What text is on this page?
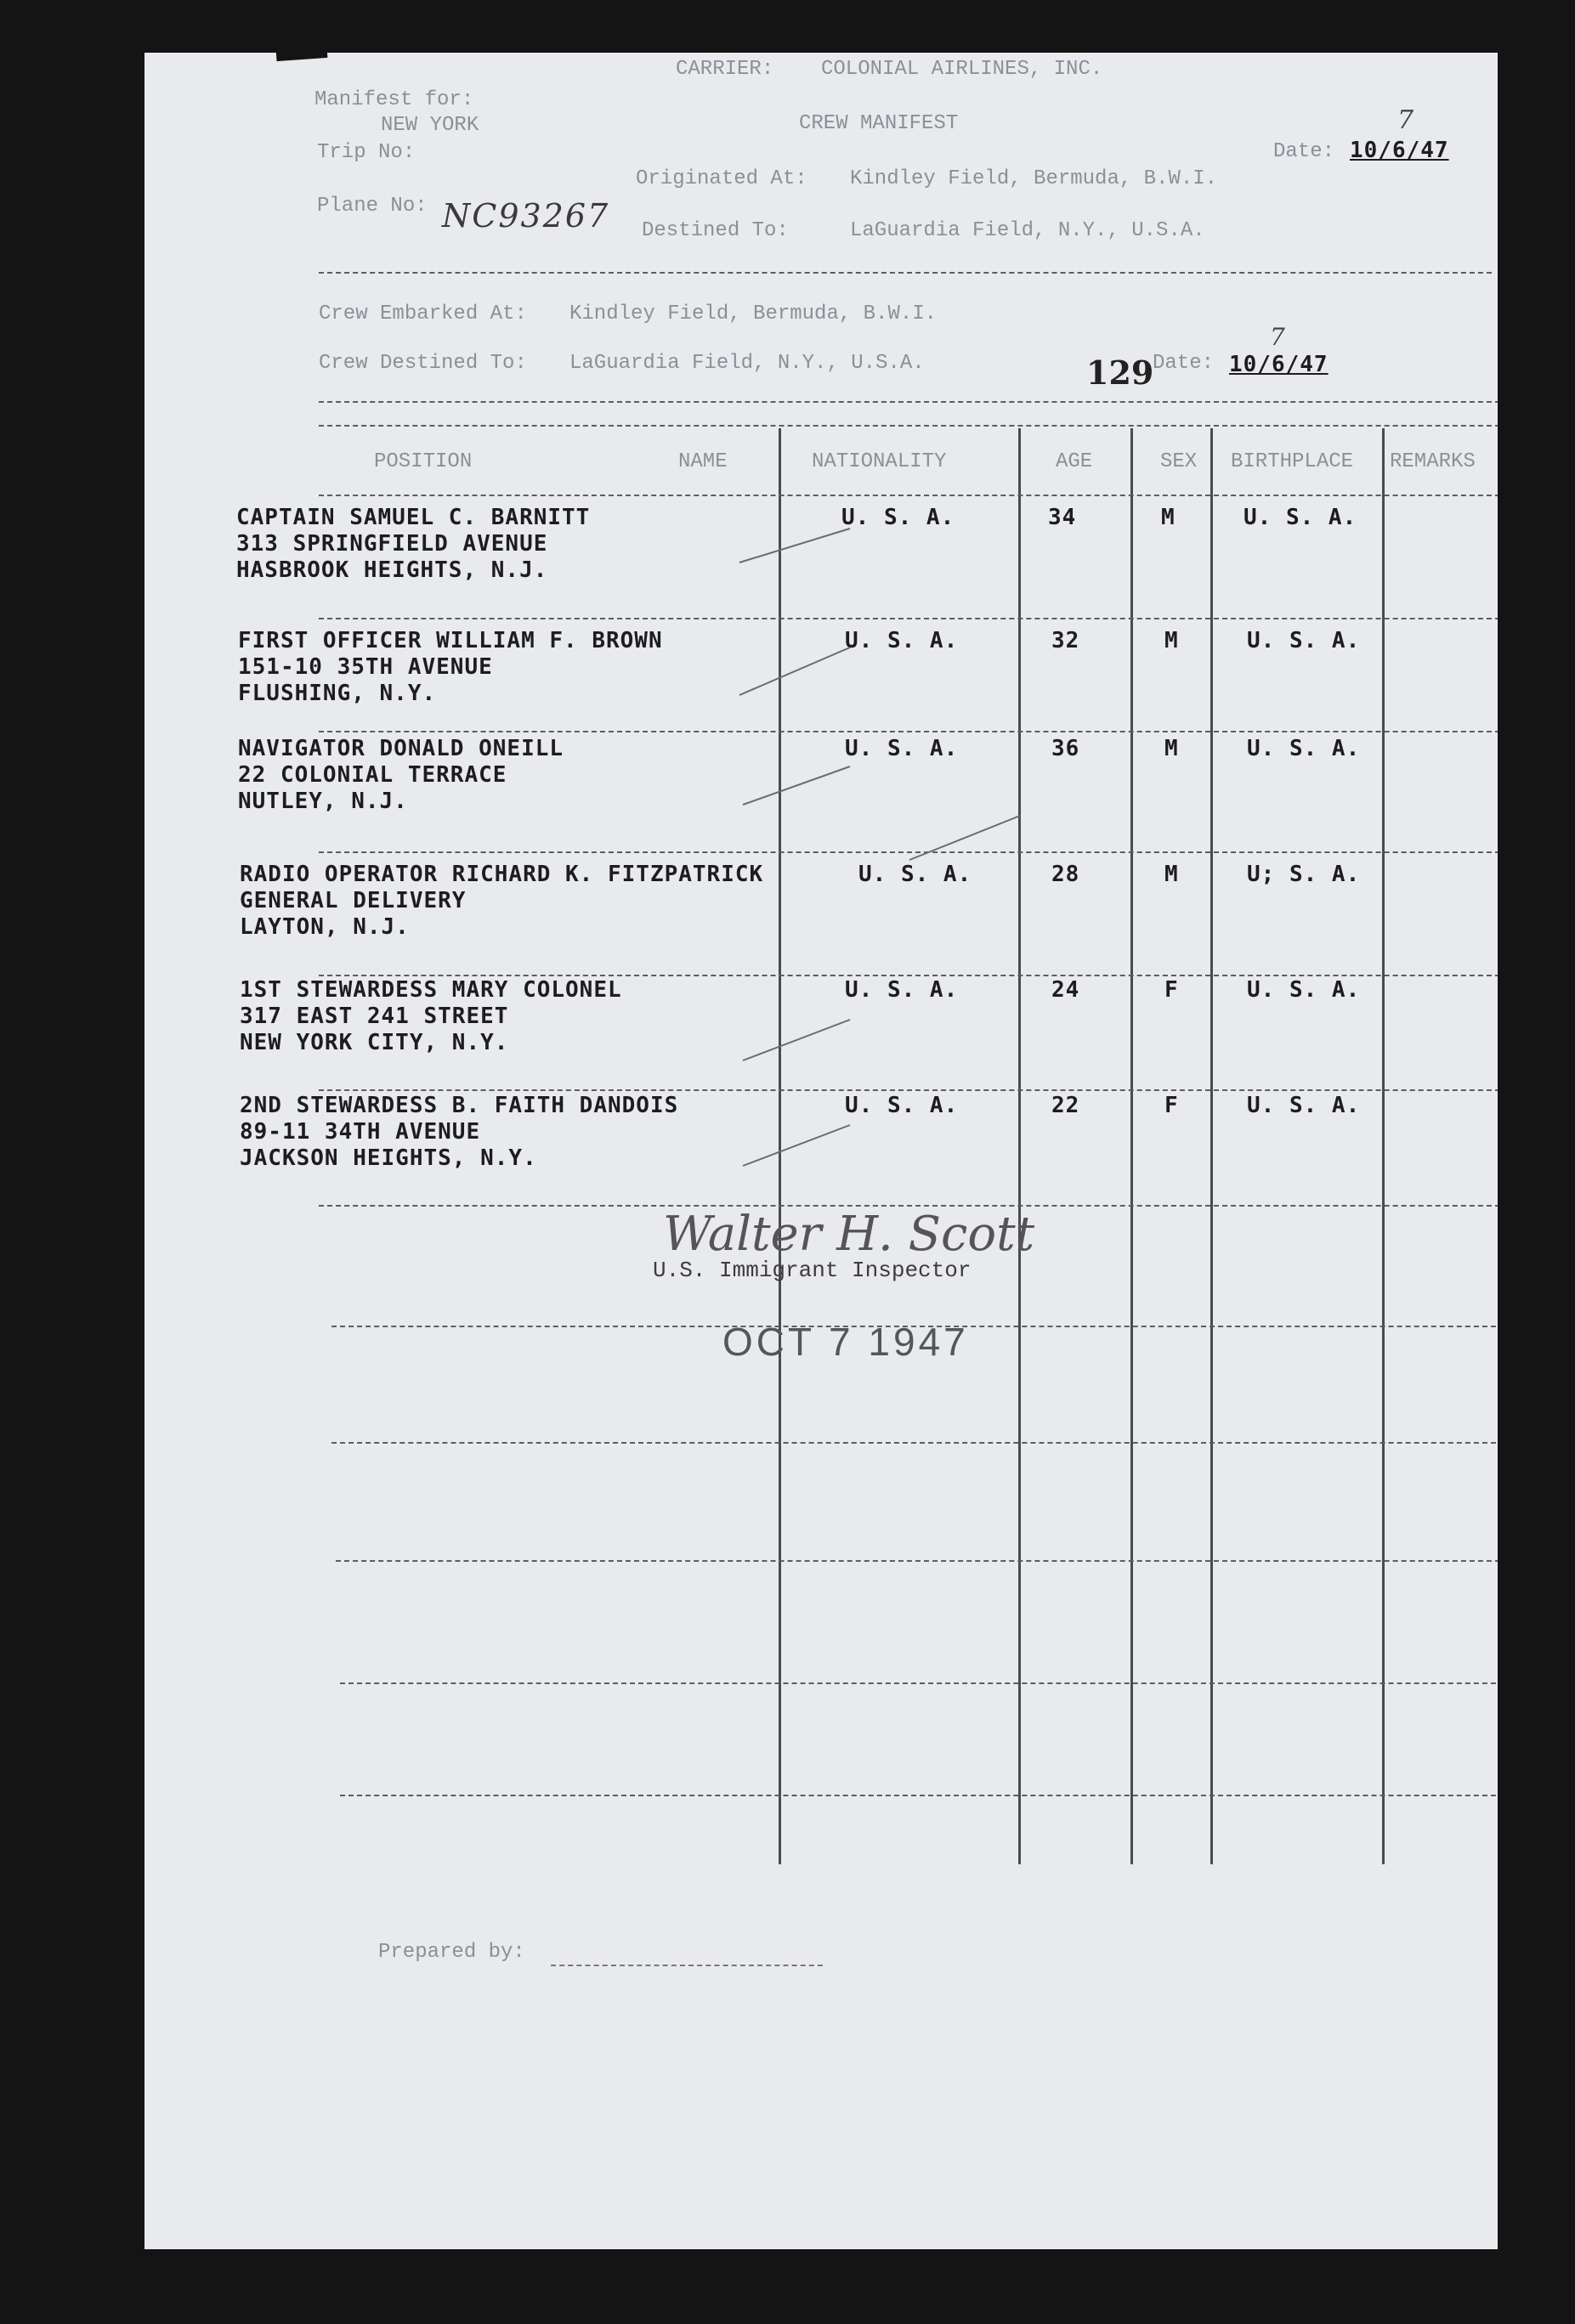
CARRIER: COLONIAL AIRLINES, INC.
Manifest for:
NEW YORK	CREW MANIFEST
Trip No:	Date: 10/6/47
7
Originated At: Kindley Field, Bermuda, B.W.I.
Plane No: NC93267 Destined To:	LaGuardia Field, N.Y., U.S.A.
Crew Embarked At: Kindley Field, Bermuda, B.W.I.
Crew Destined To: LaGuardia Field, N.Y., U.S.A.	129
Date: 10/6/47
7
POSITION	NAME	NATIONALITY	AGE	SEX BIRTHPLACE REMARKS
CAPTAIN SAMUEL C. BARNITT
313 SPRINGFIELD AVENUE
HASBROOK HEIGHTS, N.J.
U. S. A.	34	M	U. S. A.
FIRST OFFICER WILLIAM F. BROWN
151-10 35TH AVENUE
FLUSHING, N.Y.
U. S. A.	32	M	U. S. A.
NAVIGATOR DONALD ONEILL
22 COLONIAL TERRACE
NUTLEY, N.J.
U. S. A.	36	M	U. S. A.
RADIO OPERATOR RICHARD K. FITZPATRICK
GENERAL DELIVERY
LAYTON, N.J.
U. S. A.	28	M	U; S. A.
1ST STEWARDESS MARY COLONEL
317 EAST 241 STREET
NEW YORK CITY, N.Y.
U. S. A.	24	F	U. S. A.
2ND STEWARDESS B. FAITH DANDOIS
89-11 34TH AVENUE
JACKSON HEIGHTS, N.Y.
U. S. A.	22	F	U. S. A.
Walter H. Scott
U.S. Immigrant Inspector
OCT 7 1947
Prepared by:
